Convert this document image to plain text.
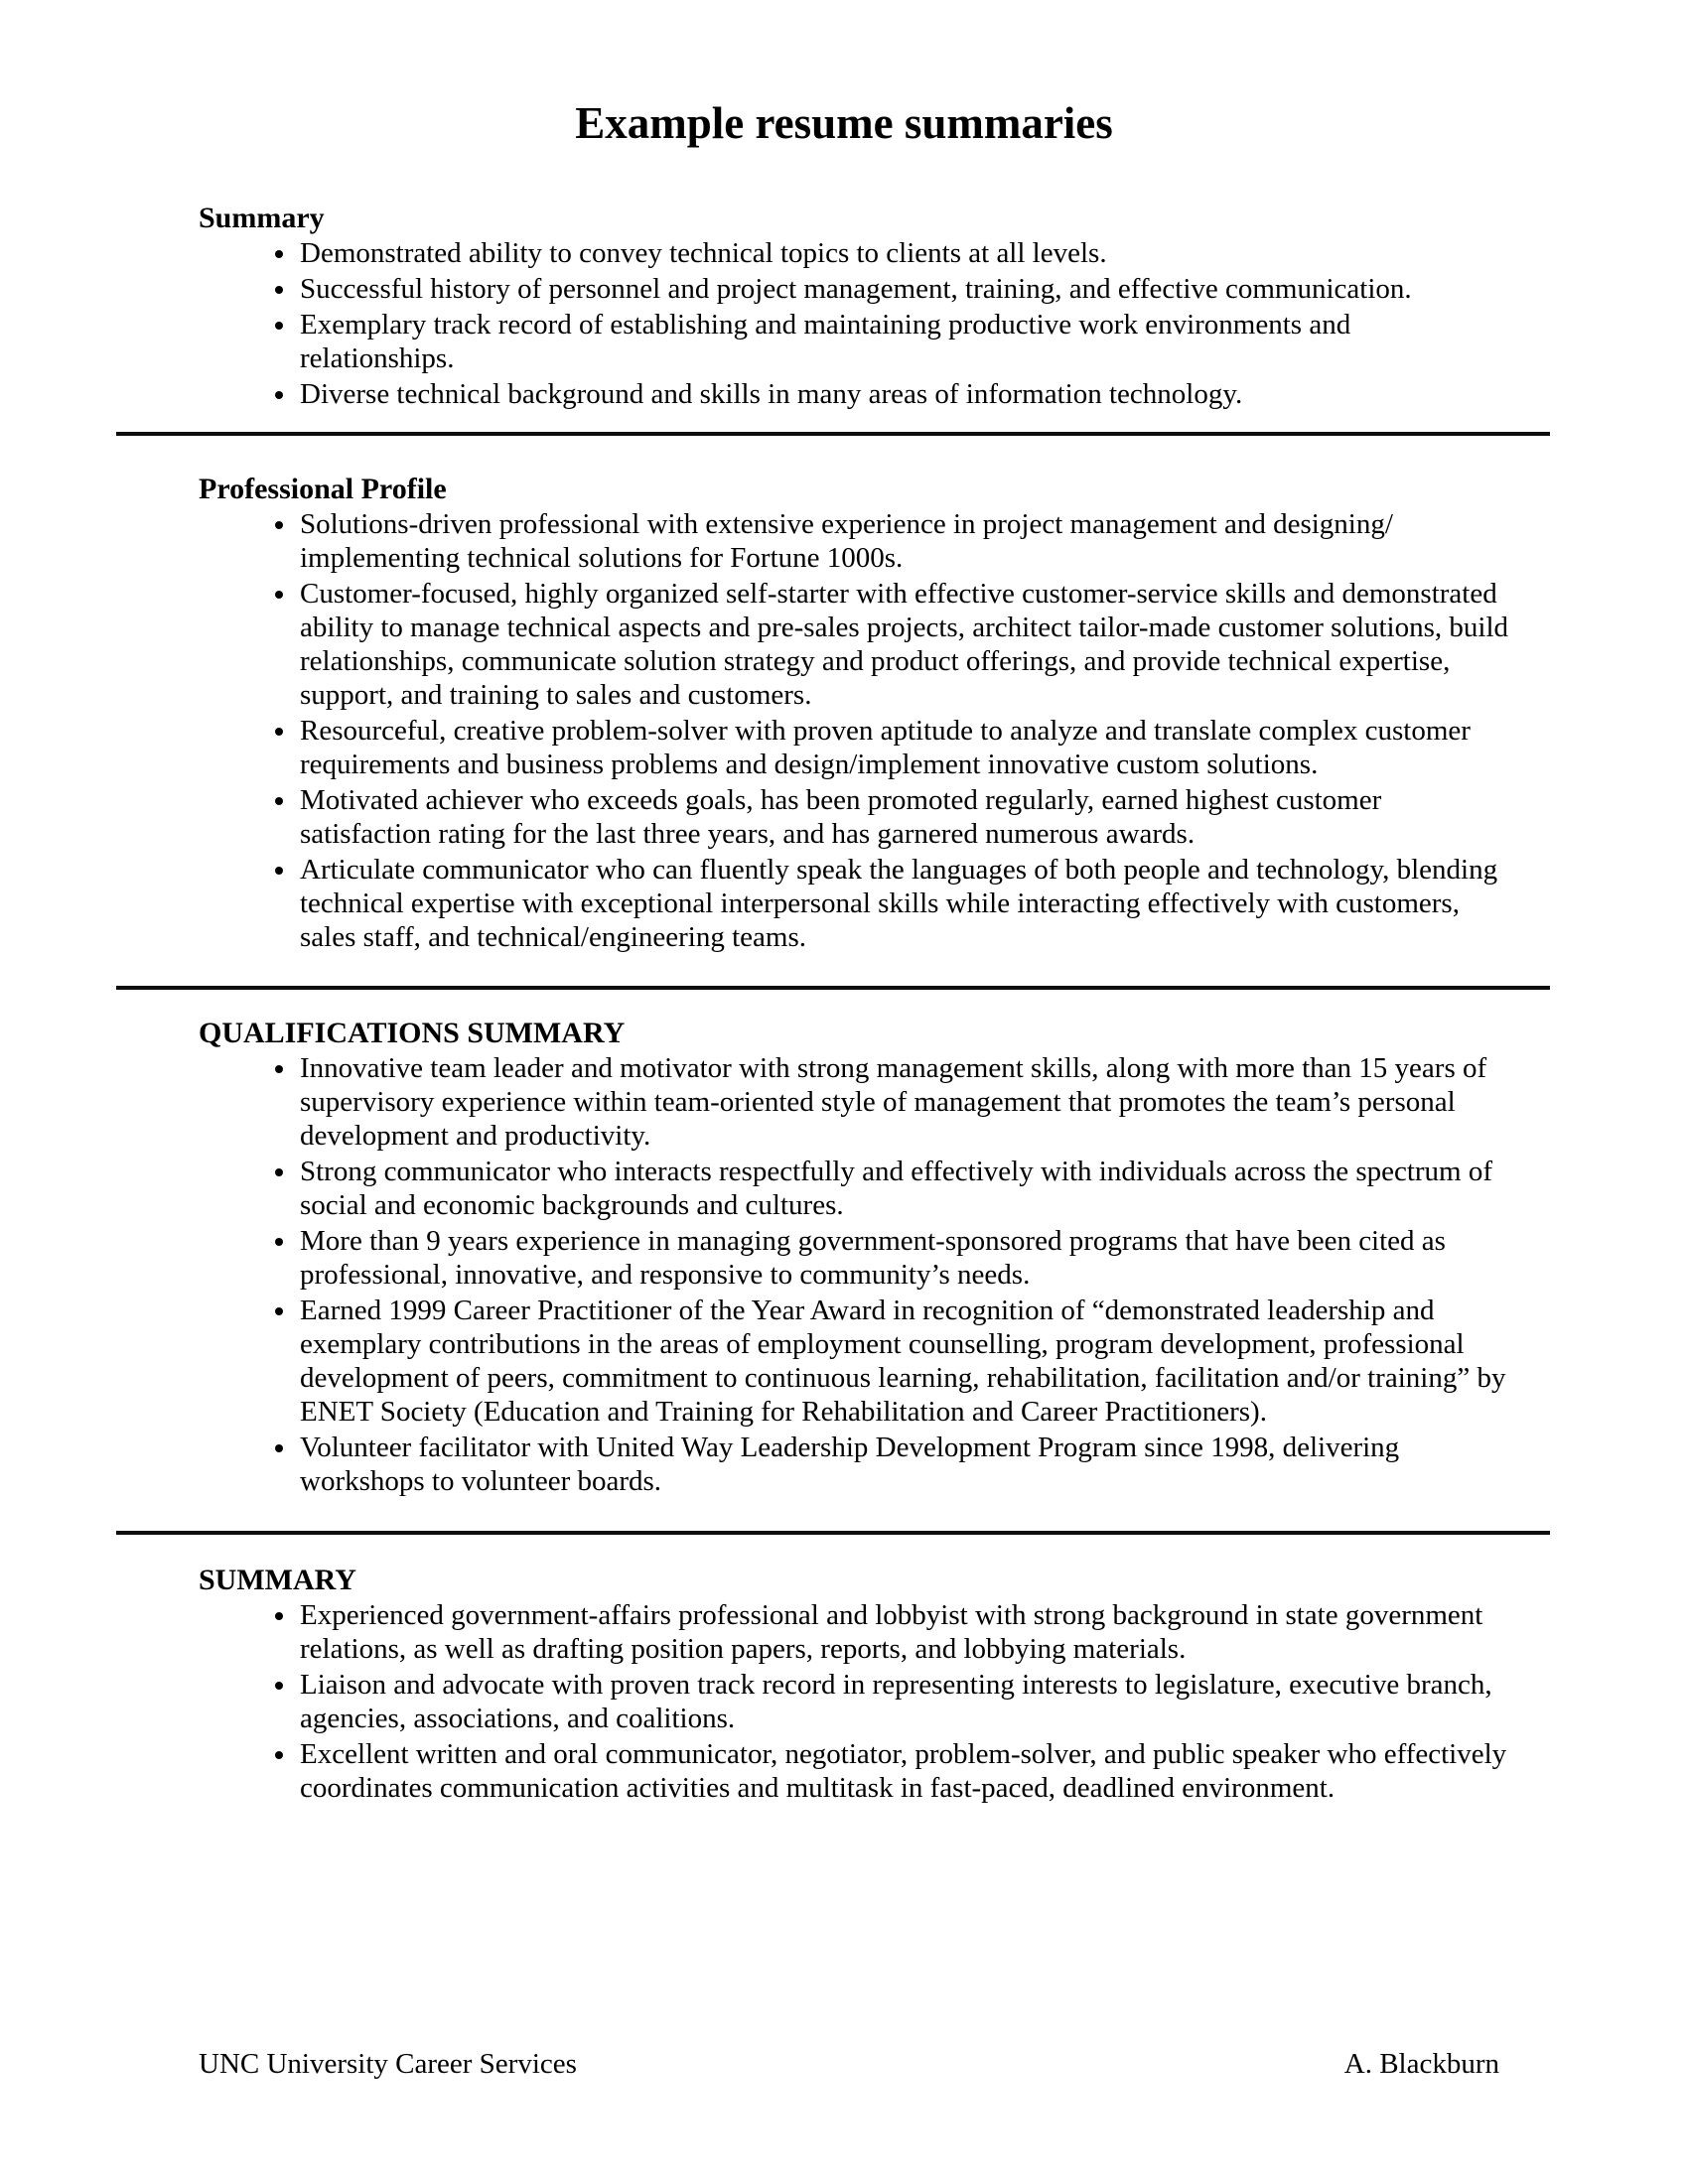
Example resume summaries
Summary
• Demonstrated ability to convey technical topics to clients at all levels.
• Successful history of personnel and project management, training, and effective communication.
• Exemplary track record of establishing and maintaining productive work environments and relationships.
• Diverse technical background and skills in many areas of information technology.
Professional Profile
• Solutions-driven professional with extensive experience in project management and designing/ implementing technical solutions for Fortune 1000s.
• Customer-focused, highly organized self-starter with effective customer-service skills and demonstrated ability to manage technical aspects and pre-sales projects, architect tailor-made customer solutions, build relationships, communicate solution strategy and product offerings, and provide technical expertise, support, and training to sales and customers.
• Resourceful, creative problem-solver with proven aptitude to analyze and translate complex customer requirements and business problems and design/implement innovative custom solutions.
• Motivated achiever who exceeds goals, has been promoted regularly, earned highest customer satisfaction rating for the last three years, and has garnered numerous awards.
• Articulate communicator who can fluently speak the languages of both people and technology, blending technical expertise with exceptional interpersonal skills while interacting effectively with customers, sales staff, and technical/engineering teams.
QUALIFICATIONS SUMMARY
• Innovative team leader and motivator with strong management skills, along with more than 15 years of supervisory experience within team-oriented style of management that promotes the team’s personal development and productivity.
• Strong communicator who interacts respectfully and effectively with individuals across the spectrum of social and economic backgrounds and cultures.
• More than 9 years experience in managing government-sponsored programs that have been cited as professional, innovative, and responsive to community’s needs.
• Earned 1999 Career Practitioner of the Year Award in recognition of “demonstrated leadership and exemplary contributions in the areas of employment counselling, program development, professional development of peers, commitment to continuous learning, rehabilitation, facilitation and/or training” by ENET Society (Education and Training for Rehabilitation and Career Practitioners).
• Volunteer facilitator with United Way Leadership Development Program since 1998, delivering workshops to volunteer boards.
SUMMARY
• Experienced government-affairs professional and lobbyist with strong background in state government relations, as well as drafting position papers, reports, and lobbying materials.
• Liaison and advocate with proven track record in representing interests to legislature, executive branch, agencies, associations, and coalitions.
• Excellent written and oral communicator, negotiator, problem-solver, and public speaker who effectively coordinates communication activities and multitask in fast-paced, deadlined environment.
UNC University Career Services	A. Blackburn
